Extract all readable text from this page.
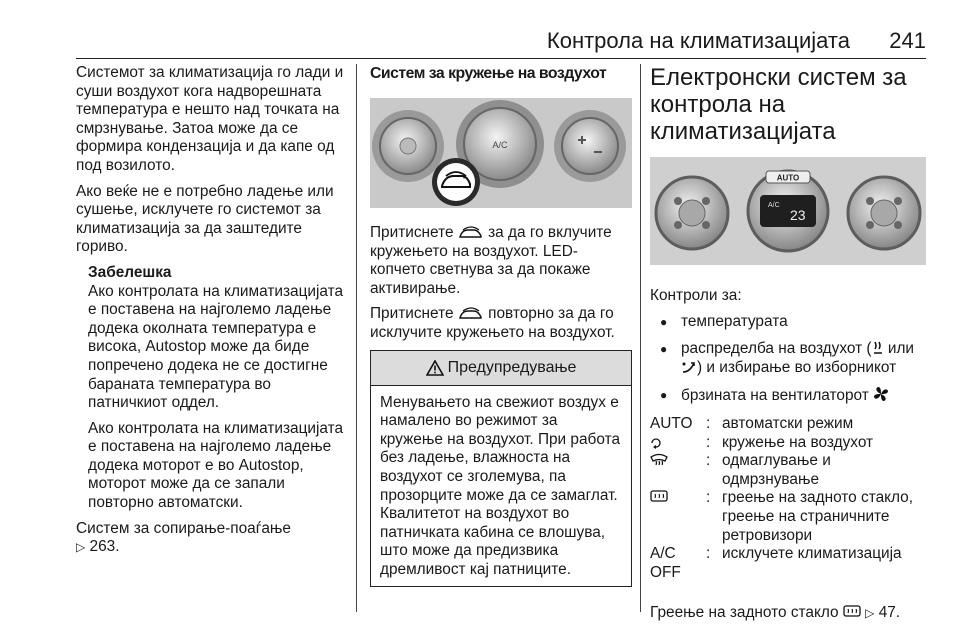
Контрола на климатизацијата 241

Системот за климатизација го лади и суши воздухот кога надворешната температура е нешто над точката на смрзнување. Затоа може да се формира кондензација и да капе од под возилото.

Ако веќе не е потребно ладење или сушење, исклучете го системот за климатизација за да заштедите гориво.

Забелешка

Ако контролата на климатизацијата е поставена на најголемо ладење додека околната температура е висока, Autostop може да биде попречено додека не се достигне бараната температура во патничкиот оддел.

Ако контролата на климатизацијата е поставена на најголемо ладење додека моторот е во Autostop, моторот може да се запали повторно автоматски.

Систем за сопирање-поаѓање
▷ 263.

Систем за кружење на воздухот
A/C

Притиснете за да го вклучите кружењето на воздухот. LED-копчето светнува за да покаже активирање.

Притиснете повторно за да го исклучите кружењето на воздухот.

Предупредување

Менувањето на свежиот воздух е намалено во режимот за кружење на воздухот. При работа без ладење, влажноста на воздухот се зголемува, па прозорците може да се замаглат. Квалитетот на воздухот во патничката кабина се влошува, што може да предизвика дремливост кај патниците.

Електронски систем за контрола на климатизацијата
AUTO
A/C
23

Контроли за:

● температурата
● распределба на воздухот ( или ) и избирање во изборникот
● брзината на вентилаторот
AUTO : автоматски режим
: кружење на воздухот
: одмаглување и одмрзнување
: греење на задното стакло, греење на страничните ретровизори
A/C OFF
: исклучете климатизација

Греење на задното стакло ▷ 47.
